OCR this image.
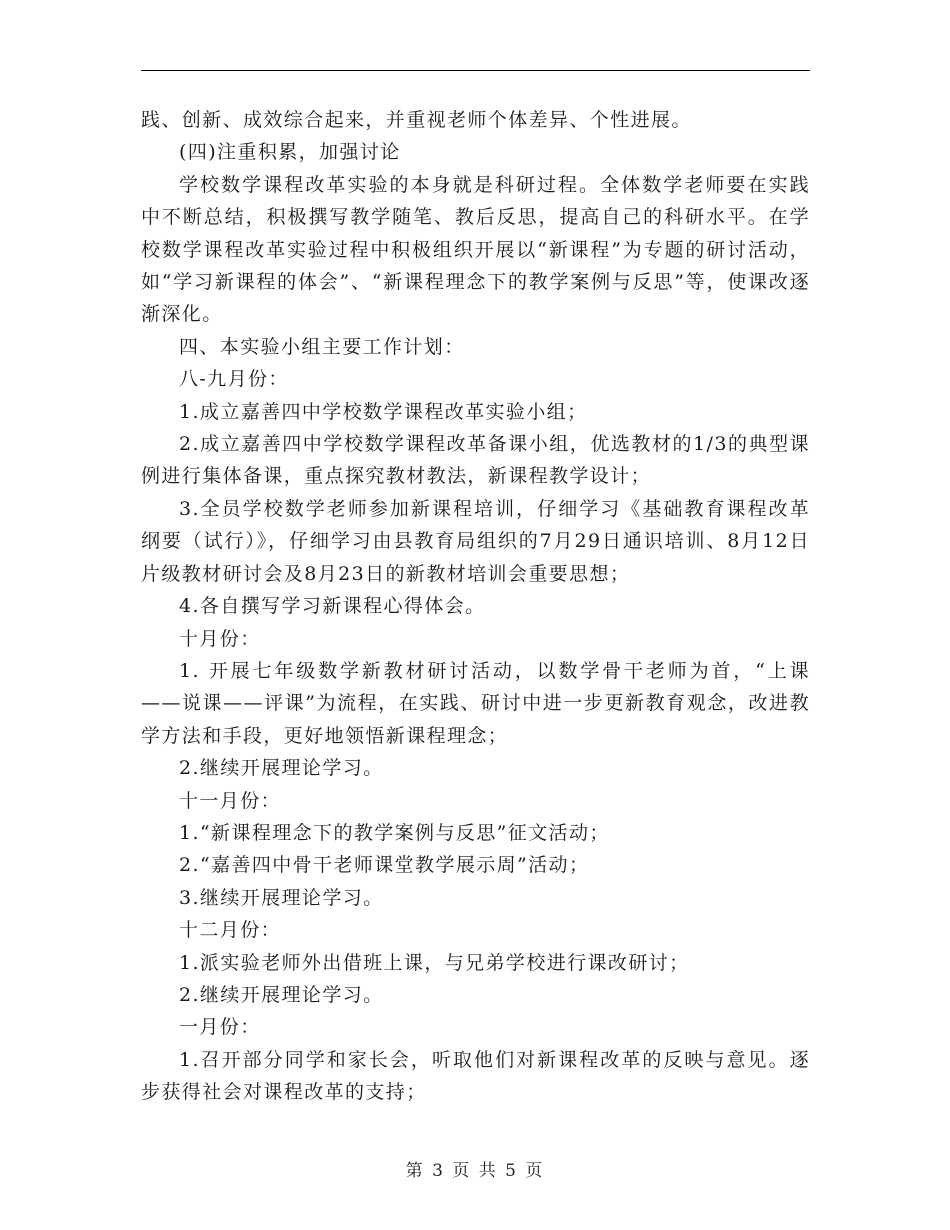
践、创新、成效综合起来，并重视老师个体差异、个性进展。

(四)注重积累，加强讨论

学校数学课程改革实验的本身就是科研过程。全体数学老师要在实践中不断总结，积极撰写教学随笔、教后反思，提高自己的科研水平。在学校数学课程改革实验过程中积极组织开展以“新课程”为专题的研讨活动，如“学习新课程的体会”、“新课程理念下的教学案例与反思”等，使课改逐渐深化。

四、本实验小组主要工作计划：

八-九月份：

1.成立嘉善四中学校数学课程改革实验小组；

2.成立嘉善四中学校数学课程改革备课小组，优选教材的1/3的典型课例进行集体备课，重点探究教材教法，新课程教学设计；

3.全员学校数学老师参加新课程培训，仔细学习《基础教育课程改革纲要（试行）》，仔细学习由县教育局组织的7月29日通识培训、8月12日片级教材研讨会及8月23日的新教材培训会重要思想；

4.各自撰写学习新课程心得体会。

十月份：

1. 开展七年级数学新教材研讨活动，以数学骨干老师为首，“上课——说课——评课”为流程，在实践、研讨中进一步更新教育观念，改进教学方法和手段，更好地领悟新课程理念；

2.继续开展理论学习。

十一月份：

1.“新课程理念下的教学案例与反思”征文活动；

2.“嘉善四中骨干老师课堂教学展示周”活动；

3.继续开展理论学习。

十二月份：

1.派实验老师外出借班上课，与兄弟学校进行课改研讨；

2.继续开展理论学习。

一月份：

1.召开部分同学和家长会，听取他们对新课程改革的反映与意见。逐步获得社会对课程改革的支持；

第 3 页 共 5 页
